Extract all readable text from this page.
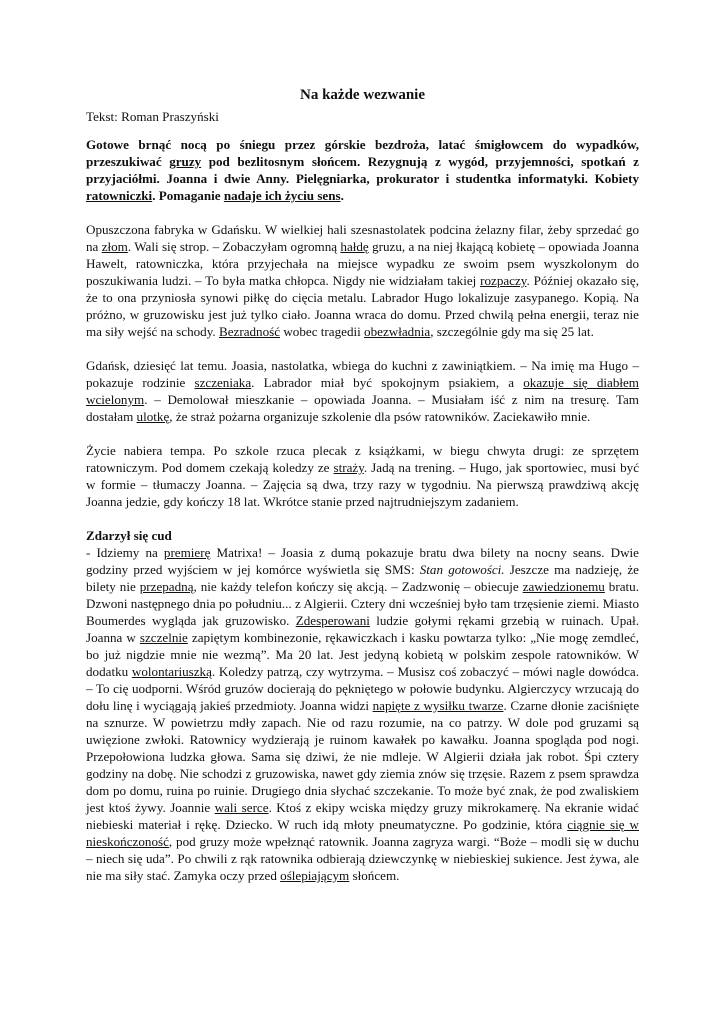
Na każde wezwanie
Tekst: Roman Praszyński

Gotowe brnąć nocą po śniegu przez górskie bezdroża, latać śmigłowcem do wypadków, przeszukiwać gruzy pod bezlitosnym słońcem. Rezygnują z wygód, przyjemności, spotkań z przyjaciółmi. Joanna i dwie Anny. Pielęgniarka, prokurator i studentka informatyki. Kobiety ratowniczki. Pomaganie nadaje ich życiu sens.

Opuszczona fabryka w Gdańsku. W wielkiej hali szesnastolatek podcina żelazny filar, żeby sprzedać go na złom. Wali się strop. – Zobaczyłam ogromną hałdę gruzu, a na niej łkającą kobietę – opowiada Joanna Hawelt, ratowniczka, która przyjechała na miejsce wypadku ze swoim psem wyszkolonym do poszukiwania ludzi. – To była matka chłopca. Nigdy nie widziałam takiej rozpaczy. Później okazało się, że to ona przyniosła synowi piłkę do cięcia metalu. Labrador Hugo lokalizuje zasypanego. Kopią. Na próżno, w gruzowisku jest już tylko ciało. Joanna wraca do domu. Przed chwilą pełna energii, teraz nie ma siły wejść na schody. Bezradność wobec tragedii obezwładnia, szczególnie gdy ma się 25 lat.

Gdańsk, dziesięć lat temu. Joasia, nastolatka, wbiega do kuchni z zawiniątkiem. – Na imię ma Hugo – pokazuje rodzinie szczeniaka. Labrador miał być spokojnym psiakiem, a okazuje się diabłem wcielonym. – Demolował mieszkanie – opowiada Joanna. – Musiałam iść z nim na tresurę. Tam dostałam ulotkę, że straż pożarna organizuje szkolenie dla psów ratowników. Zaciekawiło mnie.

Życie nabiera tempa. Po szkole rzuca plecak z książkami, w biegu chwyta drugi: ze sprzętem ratowniczym. Pod domem czekają koledzy ze straży. Jadą na trening. – Hugo, jak sportowiec, musi być w formie – tłumaczy Joanna. – Zajęcia są dwa, trzy razy w tygodniu. Na pierwszą prawdziwą akcję Joanna jedzie, gdy kończy 18 lat. Wkrótce stanie przed najtrudniejszym zadaniem.

Zdarzył się cud

- Idziemy na premierę Matrixa! – Joasia z dumą pokazuje bratu dwa bilety na nocny seans. Dwie godziny przed wyjściem w jej komórce wyświetla się SMS: Stan gotowości. Jeszcze ma nadzieję, że bilety nie przepadną, nie każdy telefon kończy się akcją. – Zadzwonię – obiecuje zawiedzionemu bratu. Dzwoni następnego dnia po południu... z Algierii. Cztery dni wcześniej było tam trzęsienie ziemi. Miasto Boumerdes wygląda jak gruzowisko. Zdesperowani ludzie gołymi rękami grzebią w ruinach. Upał. Joanna w szczelnie zapiętym kombinezonie, rękawiczkach i kasku powtarza tylko: „Nie mogę zemdleć, bo już nigdzie mnie nie wezmą”. Ma 20 lat. Jest jedyną kobietą w polskim zespole ratowników. W dodatku wolontariuszką. Koledzy patrzą, czy wytrzyma. – Musisz coś zobaczyć – mówi nagle dowódca. – To cię uodporni. Wśród gruzów docierają do pękniętego w połowie budynku. Algierczycy wrzucają do dołu linę i wyciągają jakieś przedmioty. Joanna widzi napięte z wysiłku twarze. Czarne dłonie zaciśnięte na sznurze. W powietrzu mdły zapach. Nie od razu rozumie, na co patrzy. W dole pod gruzami są uwięzione zwłoki. Ratownicy wydzierają je ruinom kawałek po kawałku. Joanna spogląda pod nogi. Przepołowiona ludzka głowa. Sama się dziwi, że nie mdleje. W Algierii działa jak robot. Śpi cztery godziny na dobę. Nie schodzi z gruzowiska, nawet gdy ziemia znów się trzęsie. Razem z psem sprawdza dom po domu, ruina po ruinie. Drugiego dnia słychać szczekanie. To może być znak, że pod zwaliskiem jest ktoś żywy. Joannie wali serce. Ktoś z ekipy wciska między gruzy mikrokamerę. Na ekranie widać niebieski materiał i rękę. Dziecko. W ruch idą młoty pneumatyczne. Po godzinie, która ciągnie się w nieskończoność, pod gruzy może wpełznąć ratownik. Joanna zagryza wargi. “Boże – modli się w duchu – niech się uda”. Po chwili z rąk ratownika odbierają dziewczynkę w niebieskiej sukience. Jest żywa, ale nie ma siły stać. Zamyka oczy przed oślepiającym słońcem.
